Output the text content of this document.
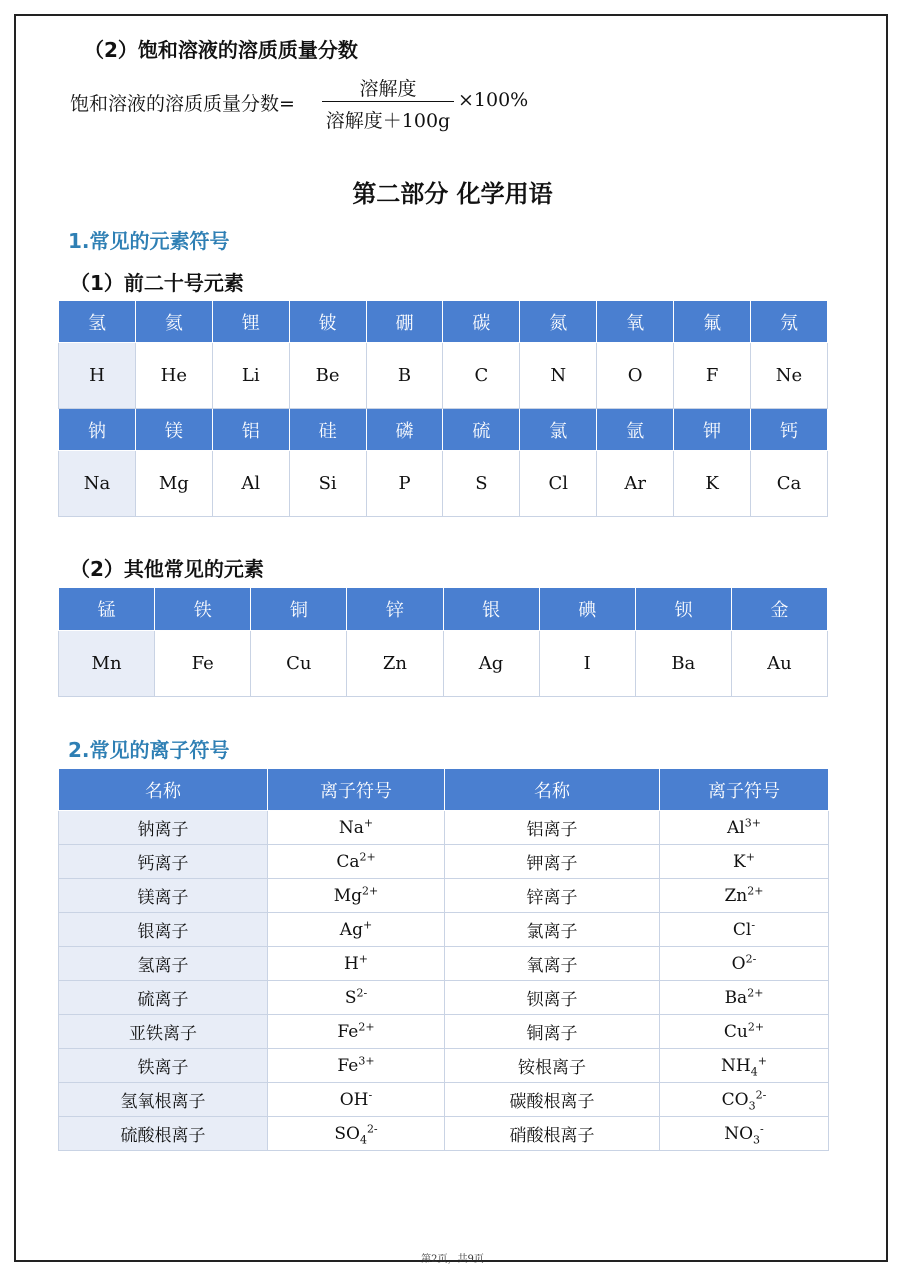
（2）饱和溶液的溶质质量分数
饱和溶液的溶质质量分数=
溶解度
溶解度＋100g
×100%
第二部分 化学用语
1.常见的元素符号
（1）前二十号元素
氢	氦	锂	铍	硼	碳	氮	氧	氟	氖
H	He	Li	Be	B	C	N	O	F	Ne
钠	镁	铝	硅	磷	硫	氯	氩	钾	钙
Na	Mg	Al	Si	P	S	Cl	Ar	K	Ca
（2）其他常见的元素
锰	铁	铜	锌	银	碘	钡	金
Mn	Fe	Cu	Zn	Ag	I	Ba	Au
2.常见的离子符号
名称	离子符号	名称	离子符号
钠离子	Na+	铝离子	$Al^{3+}$
钙离子	$Ca^{2+}$	钾离子	K+
镁离子	$Mg^{2+}$	锌离子	$Zn^{2+}$
银离子	Ag+	氯离子	Cl-
氢离子	H+	氧离子	$O^{2-}$
硫离子	$S^{2-}$	钡离子	$Ba^{2+}$
亚铁离子	$Fe^{2+}$	铜离子	$Cu^{2+}$
铁离子	$Fe^{3+}$	铵根离子	$NH_4^+$
氢氧根离子	OH-	碳酸根离子	$CO_3^{2-}$
硫酸根离子	$SO_4^{2-}$	硝酸根离子	$NO_3^-$
第2页，共9页
